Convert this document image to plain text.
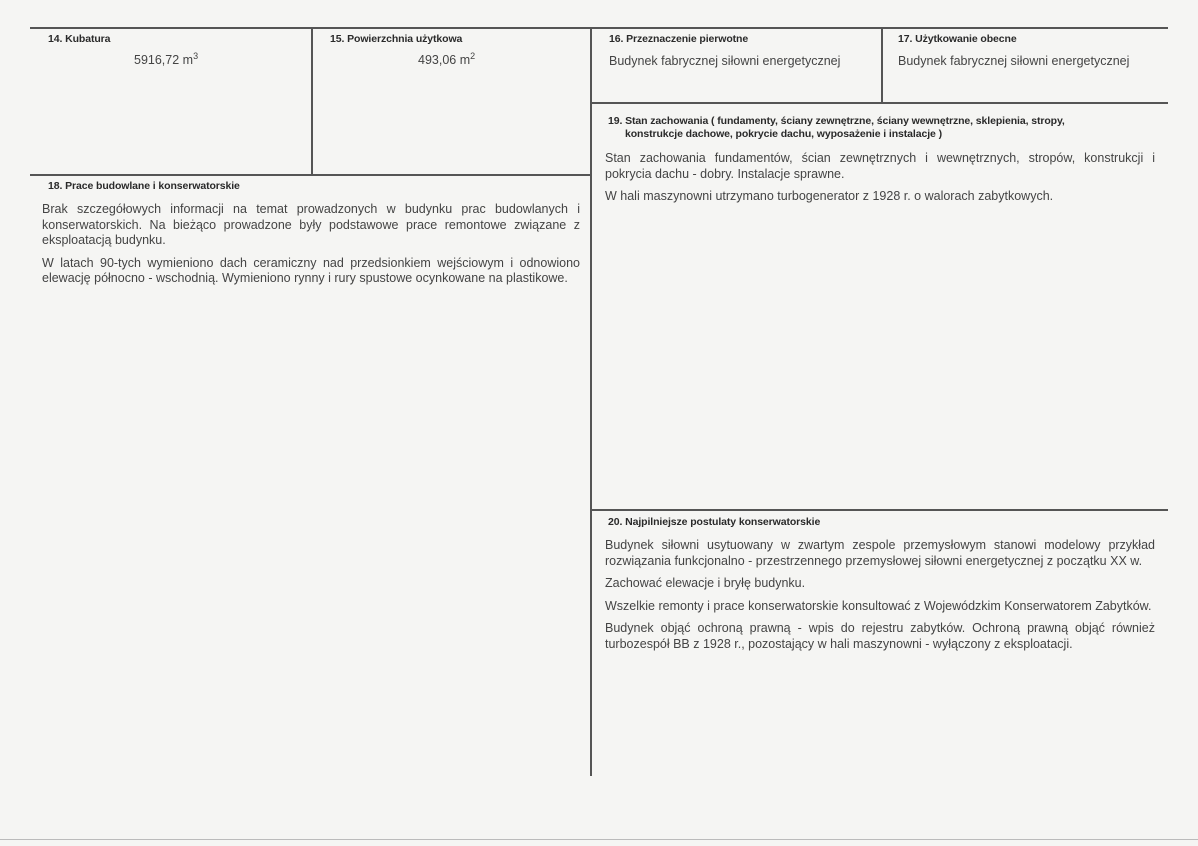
14. Kubatura

5916,72 $m^3$

15. Powierzchnia użytkowa

493,06 $m^2$

16. Przeznaczenie pierwotne

Budynek fabrycznej siłowni energetycznej

17. Użytkowanie obecne

Budynek fabrycznej siłowni energetycznej

18. Prace budowlane i konserwatorskie

Brak szczegółowych informacji na temat prowadzonych w budynku prac budowlanych i konserwatorskich. Na bieżąco prowadzone były podstawowe prace remontowe związane z eksploatacją budynku.

W latach 90-tych wymieniono dach ceramiczny nad przedsionkiem wejściowym i odnowiono elewację północno - wschodnią. Wymieniono rynny i rury spustowe ocynkowane na plastikowe.

19. Stan zachowania ( fundamenty, ściany zewnętrzne, ściany wewnętrzne, sklepienia, stropy,

konstrukcje dachowe, pokrycie dachu, wyposażenie i instalacje )

Stan zachowania fundamentów, ścian zewnętrznych i wewnętrznych, stropów, konstrukcji i pokrycia dachu - dobry. Instalacje sprawne.

W hali maszynowni utrzymano turbogenerator z 1928 r. o walorach zabytkowych.

20. Najpilniejsze postulaty konserwatorskie

Budynek siłowni usytuowany w zwartym zespole przemysłowym stanowi modelowy przykład rozwiązania funkcjonalno - przestrzennego przemysłowej siłowni energetycznej z początku XX w.

Zachować elewacje i bryłę budynku.

Wszelkie remonty i prace konserwatorskie konsultować z Wojewódzkim Konserwatorem Zabytków.

Budynek objąć ochroną prawną - wpis do rejestru zabytków. Ochroną prawną objąć również turbozespół BB z 1928 r., pozostający w hali maszynowni - wyłączony z eksploatacji.
